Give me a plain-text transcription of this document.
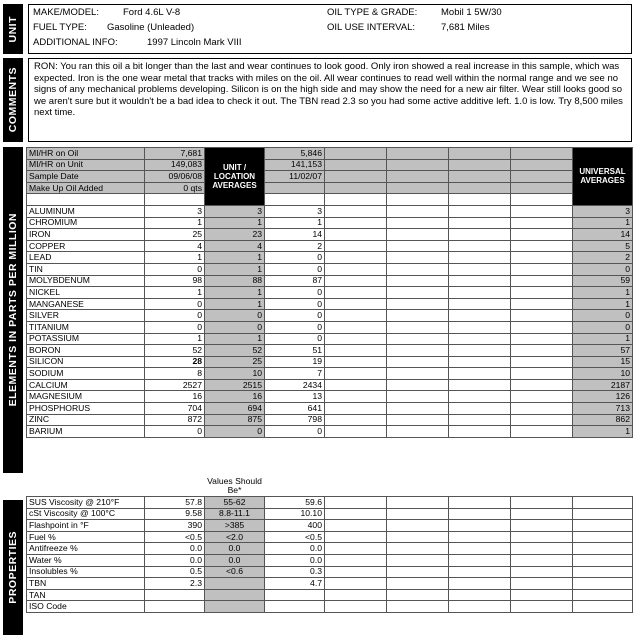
UNIT
MAKE/MODEL:	Ford 4.6L V-8
FUEL TYPE: Gasoline (Unleaded)
ADDITIONAL INFO:	1997 Lincoln Mark VIII
OIL TYPE & GRADE: Mobil 1 5W/30
OIL USE INTERVAL:	7,681 Miles
COMMENTS
RON: You ran this oil a bit longer than the last and wear continues to look good. Only iron showed a real increase in this sample, which was expected. Iron is the one wear metal that tracks with miles on the oil. All wear continues to read well within the normal range and we see no signs of any mechanical problems developing. Silicon is on the high side and may show the need for a new air filter. Wear still looks good so we aren't sure but it wouldn't be a bad idea to check it out. The TBN read 2.3 so you had some active additive left. 1.0 is low. Try 8,500 miles next time.
ELEMENTS IN PARTS PER MILLION
MI/HR on Oil	7,681	UNIT / LOCATION AVERAGES	5,846					UNIVERSAL AVERAGES
MI/HR on Unit	149,083		141,153					
Sample Date	09/06/08		11/02/07					
Make Up Oil Added	0 qts							

ALUMINUM	3	3	3					3
CHROMIUM	1	1	1					1
IRON	25	23	14					14
COPPER	4	4	2					5
LEAD	1	1	0					2
TIN	0	1	0					0
MOLYBDENUM	98	88	87					59
NICKEL	1	1	0					1
MANGANESE	0	1	0					1
SILVER	0	0	0					0
TITANIUM	0	0	0					0
POTASSIUM	1	1	0					1
BORON	52	52	51					57
SILICON	28	25	19					15
SODIUM	8	10	7					10
CALCIUM	2527	2515	2434					2187
MAGNESIUM	16	16	13					126
PHOSPHORUS	704	694	641					713
ZINC	872	875	798					862
BARIUM	0	0	0					1
PROPERTIES
		Values Should Be*						
SUS Viscosity @ 210°F	57.8	55-62	59.6					
cSt Viscosity @ 100°C	9.58	8.8-11.1	10.10					
Flashpoint in °F	390	>385	400					
Fuel %	<0.5	<2.0	<0.5					
Antifreeze %	0.0	0.0	0.0					
Water %	0.0	0.0	0.0					
Insolubles %	0.5	<0.6	0.3					
TBN	2.3		4.7					
TAN								
ISO Code								
